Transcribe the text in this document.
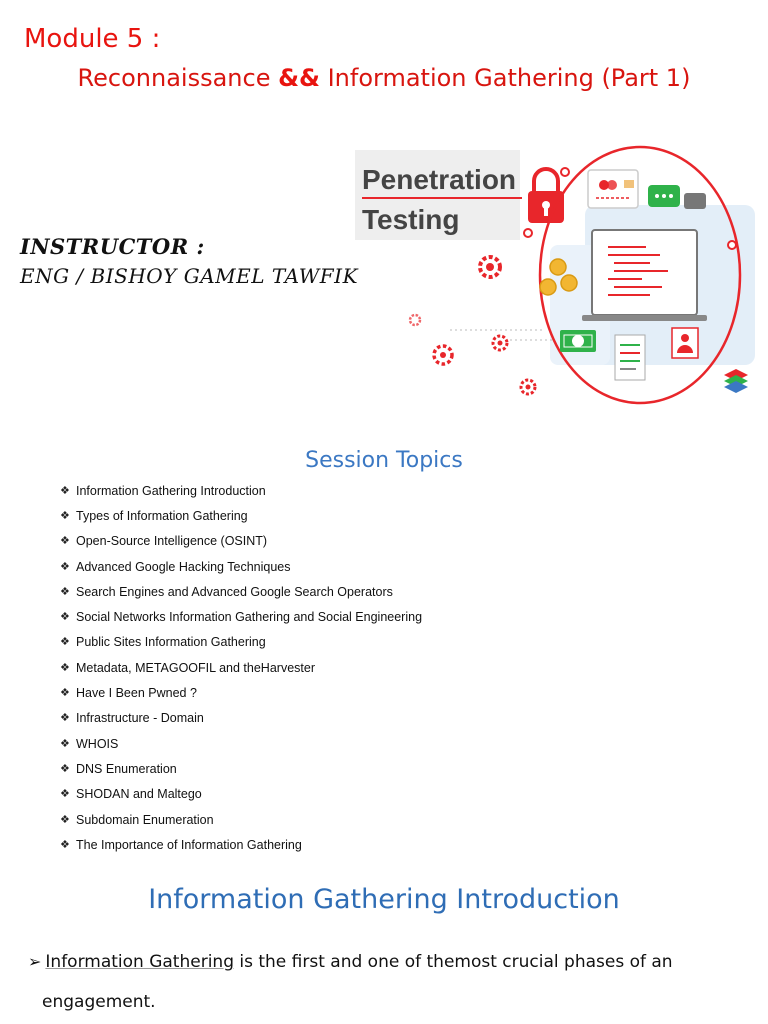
Module 5 :
Reconnaissance && Information Gathering (Part 1)
INSTRUCTOR :
ENG / BISHOY GAMEL TAWFIK
Penetration
Testing
Session Topics
❖ Information Gathering Introduction
❖ Types of Information Gathering
❖ Open-Source Intelligence (OSINT)
❖ Advanced Google Hacking Techniques
❖ Search Engines and Advanced Google Search Operators
❖ Social Networks Information Gathering and Social Engineering
❖ Public Sites Information Gathering
❖ Metadata, METAGOOFIL and theHarvester
❖ Have I Been Pwned ?
❖ Infrastructure - Domain
❖ WHOIS
❖ DNS Enumeration
❖ SHODAN and Maltego
❖ Subdomain Enumeration
❖ The Importance of Information Gathering
Information Gathering Introduction
➢ Information Gathering is the first and one of themost crucial phases of an
engagement.
